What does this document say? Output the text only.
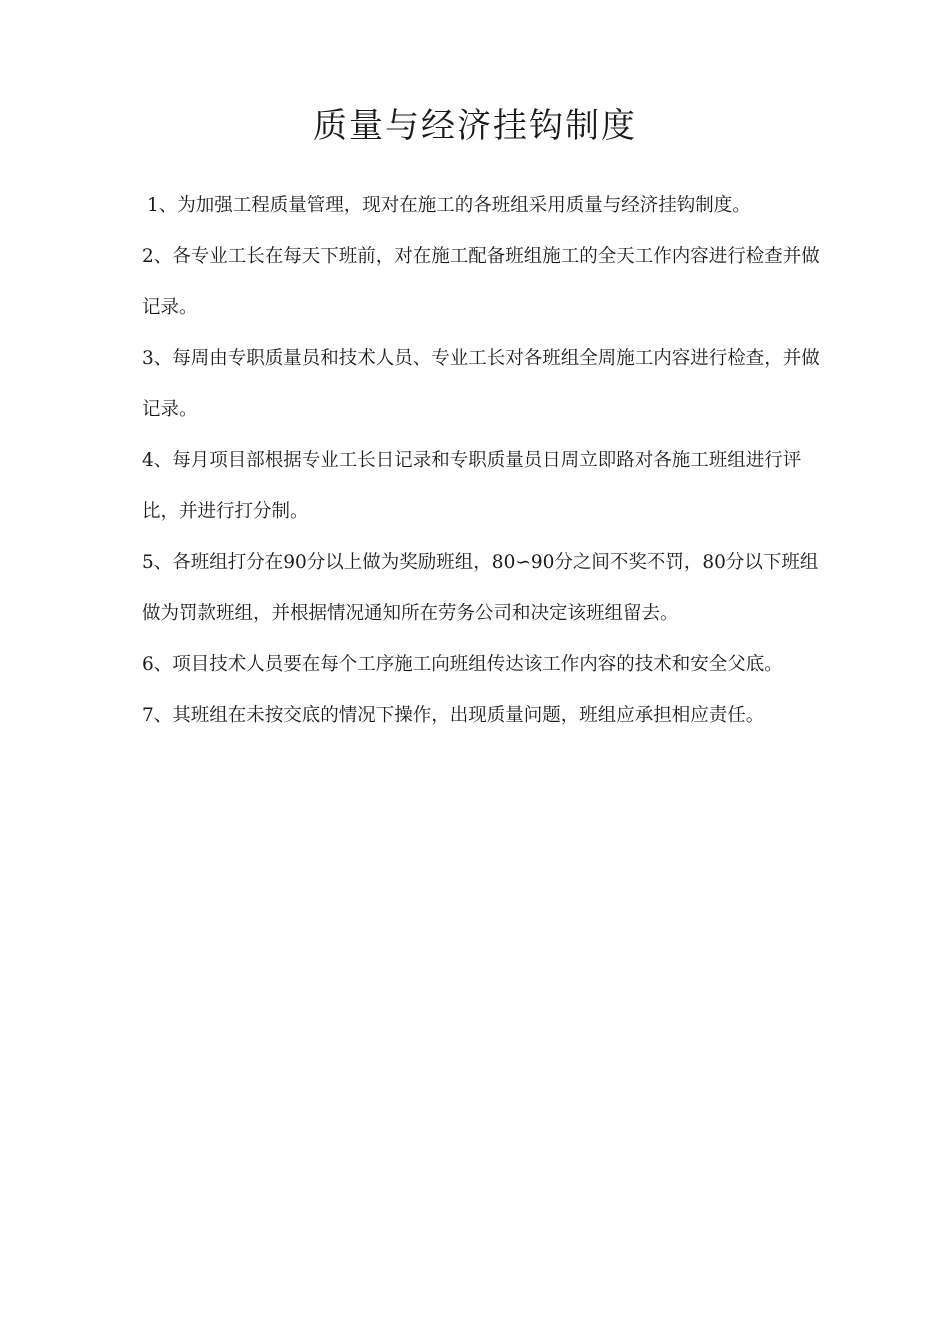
质量与经济挂钩制度

1、为加强工程质量管理，现对在施工的各班组采用质量与经济挂钩制度。

2、各专业工长在每天下班前，对在施工配备班组施工的全天工作内容进行检查并做记录。

3、每周由专职质量员和技术人员、专业工长对各班组全周施工内容进行检查，并做记录。

4、每月项目部根据专业工长日记录和专职质量员日周立即路对各施工班组进行评比，并进行打分制。

5、各班组打分在90分以上做为奖励班组，80∽90分之间不奖不罚，80分以下班组做为罚款班组，并根据情况通知所在劳务公司和决定该班组留去。

6、项目技术人员要在每个工序施工向班组传达该工作内容的技术和安全父底。

7、其班组在未按交底的情况下操作，出现质量问题，班组应承担相应责任。
